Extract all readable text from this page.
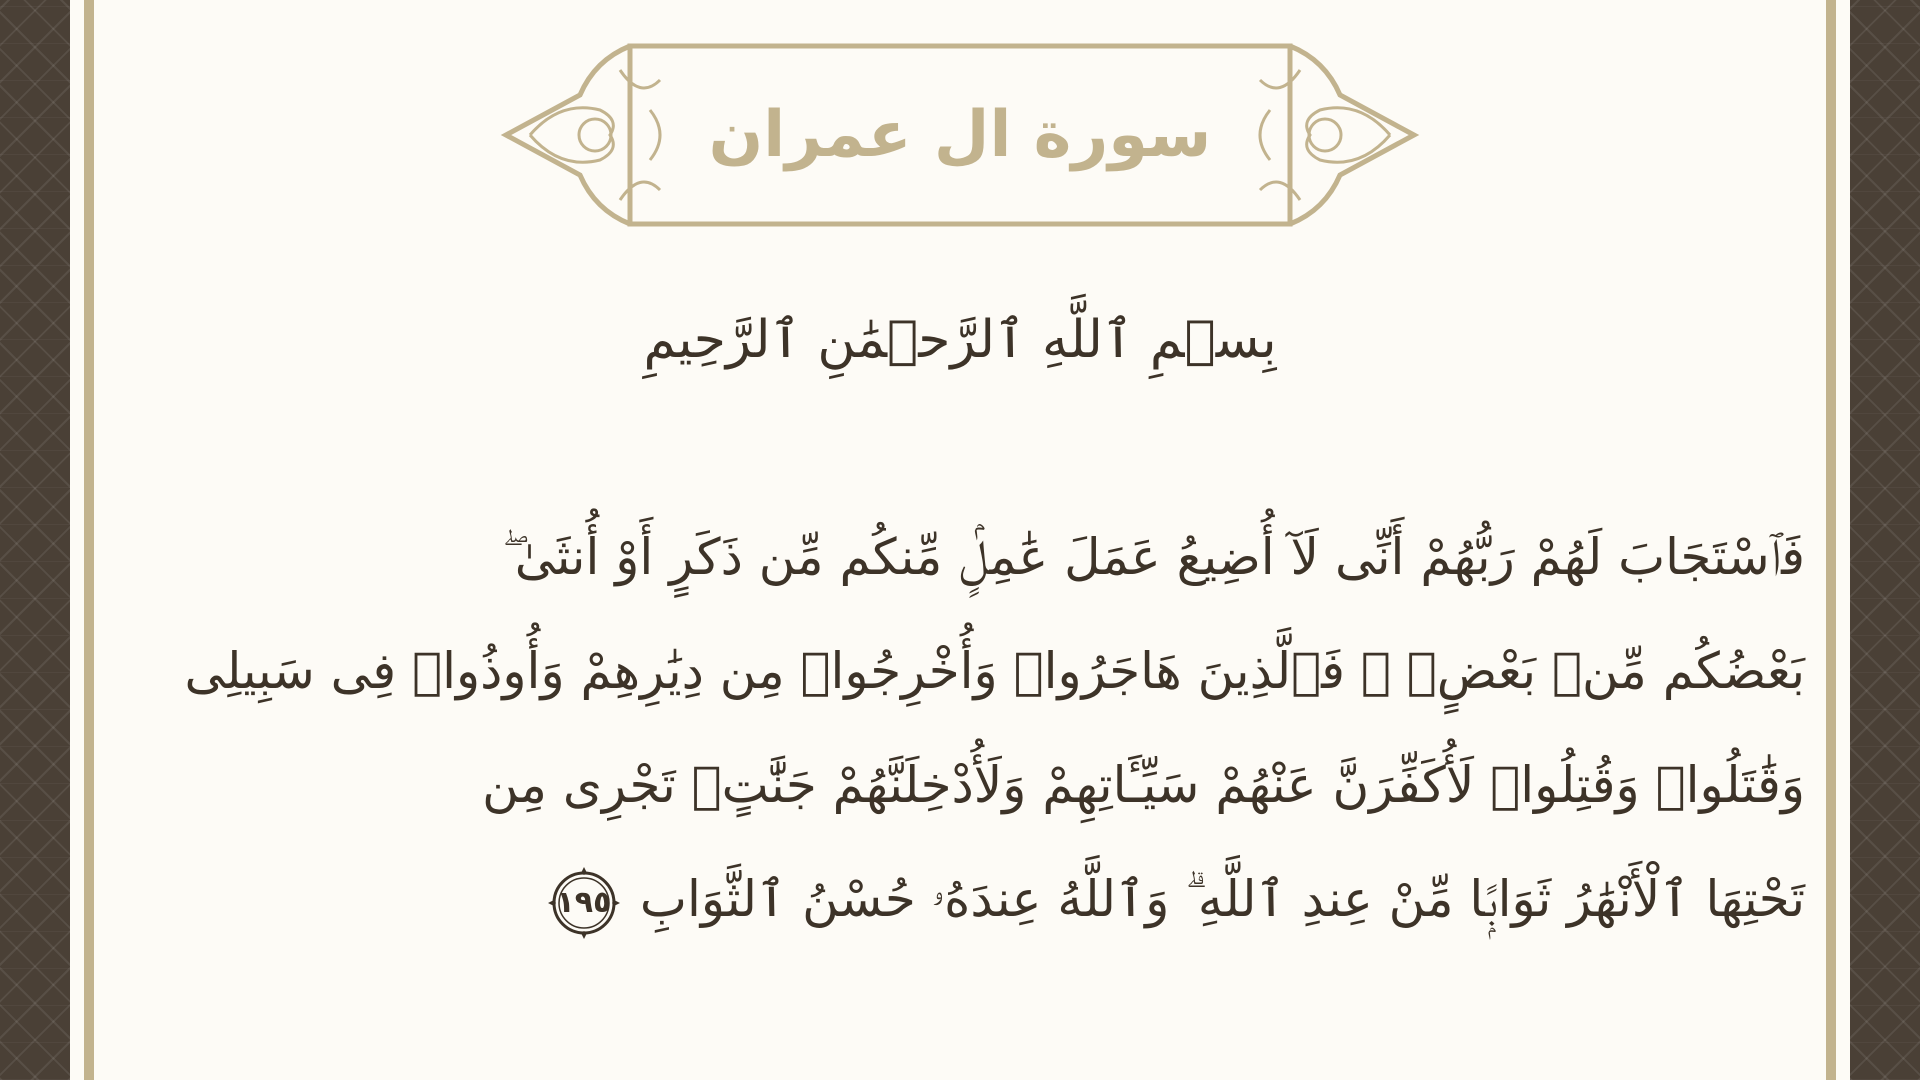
سورة ال عمران
بِسۡمِ ٱللَّهِ ٱلرَّحۡمَٰنِ ٱلرَّحِيمِ
فَٱسْتَجَابَ لَهُمْ رَبُّهُمْ أَنِّى لَآ أُضِيعُ عَمَلَ عَٰمِلٍۢ مِّنكُم مِّن ذَكَرٍ أَوْ أُنثَىٰ ۖ
بَعْضُكُم مِّنۢ بَعْضٍۢ ۖ فَٱلَّذِينَ هَاجَرُوا۟ وَأُخْرِجُوا۟ مِن دِيَٰرِهِمْ وَأُوذُوا۟ فِى سَبِيلِى
وَقَٰتَلُوا۟ وَقُتِلُوا۟ لَأُكَفِّرَنَّ عَنْهُمْ سَيِّـَٔاتِهِمْ وَلَأُدْخِلَنَّهُمْ جَنَّٰتٍۢ تَجْرِى مِن
تَحْتِهَا ٱلْأَنْهَٰرُ ثَوَابًۭا مِّنْ عِندِ ٱللَّهِ ۗ وَٱللَّهُ عِندَهُۥ حُسْنُ ٱلثَّوَابِ
١٩٥
